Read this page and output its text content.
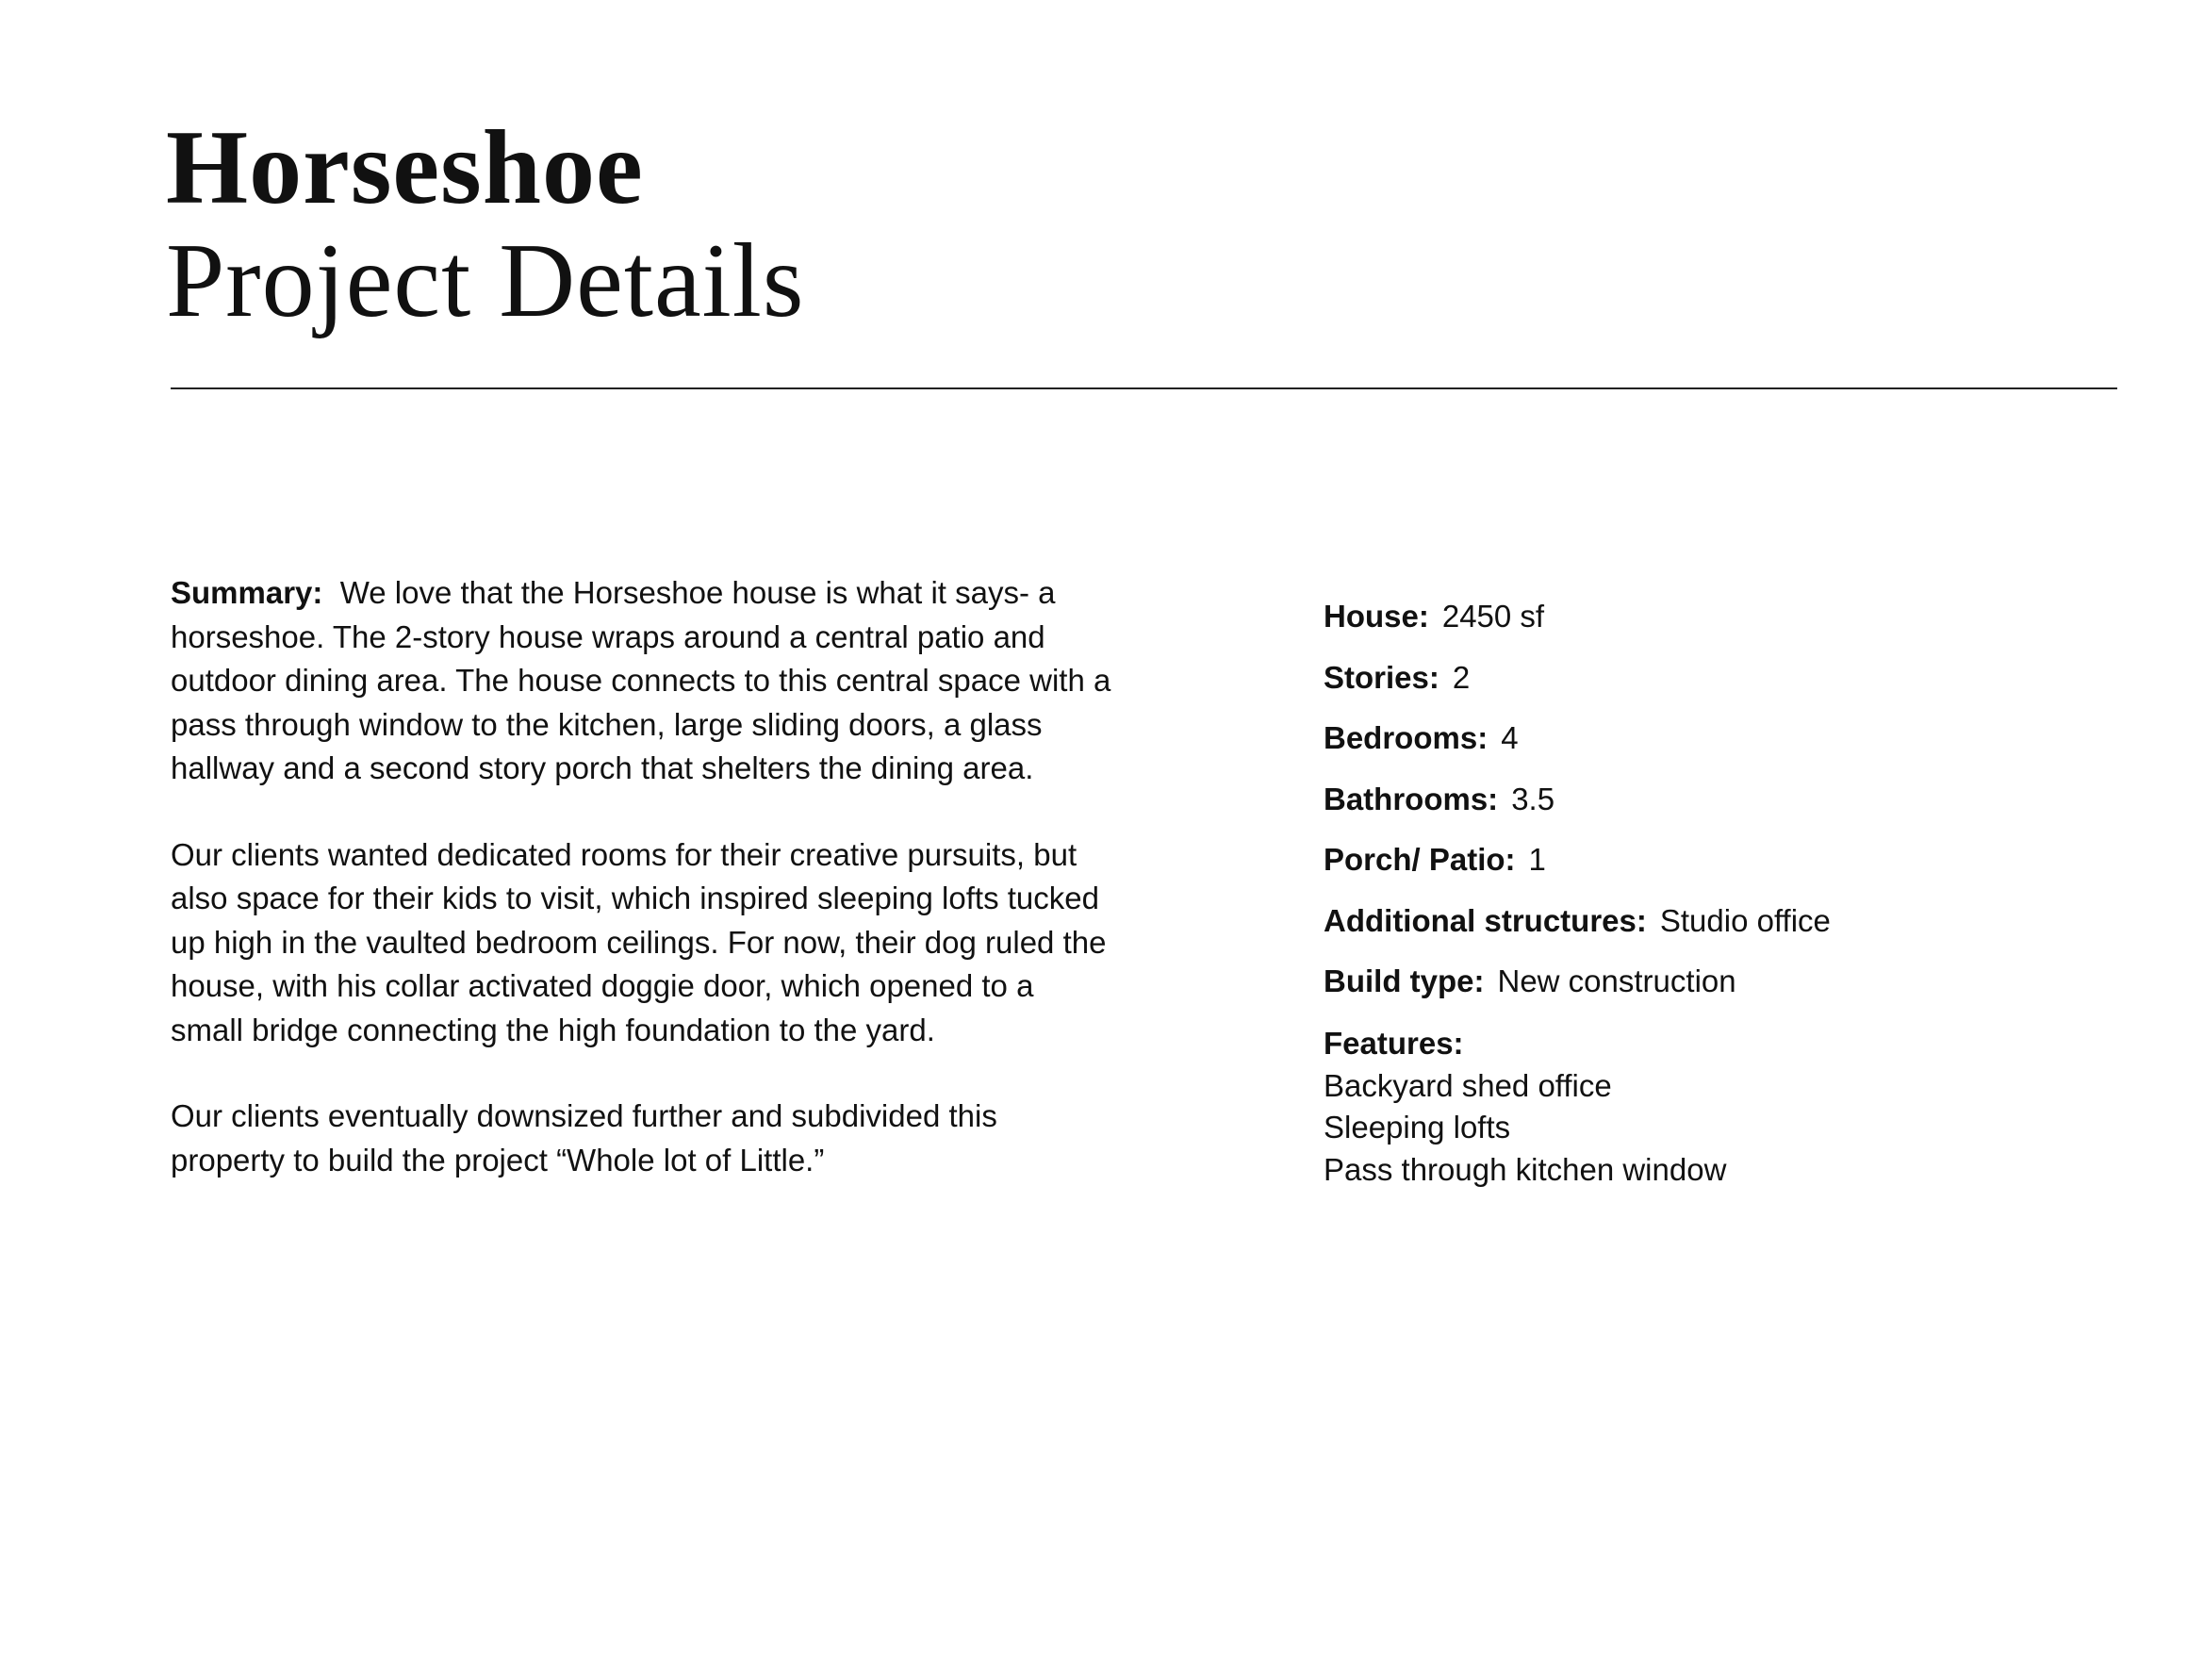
Horseshoe
Project Details

Summary: We love that the Horseshoe house is what it says- a horseshoe. The 2-story house wraps around a central patio and outdoor dining area. The house connects to this central space with a pass through window to the kitchen, large sliding doors, a glass hallway and a second story porch that shelters the dining area.

Our clients wanted dedicated rooms for their creative pursuits, but also space for their kids to visit, which inspired sleeping lofts tucked up high in the vaulted bedroom ceilings. For now, their dog ruled the house, with his collar activated doggie door, which opened to a small bridge connecting the high foundation to the yard.

Our clients eventually downsized further and subdivided this property to build the project “Whole lot of Little.”

House: 2450 sf
Stories: 2
Bedrooms: 4
Bathrooms: 3.5
Porch/ Patio: 1
Additional structures: Studio office
Build type: New construction
Features:
Backyard shed office
Sleeping lofts
Pass through kitchen window
